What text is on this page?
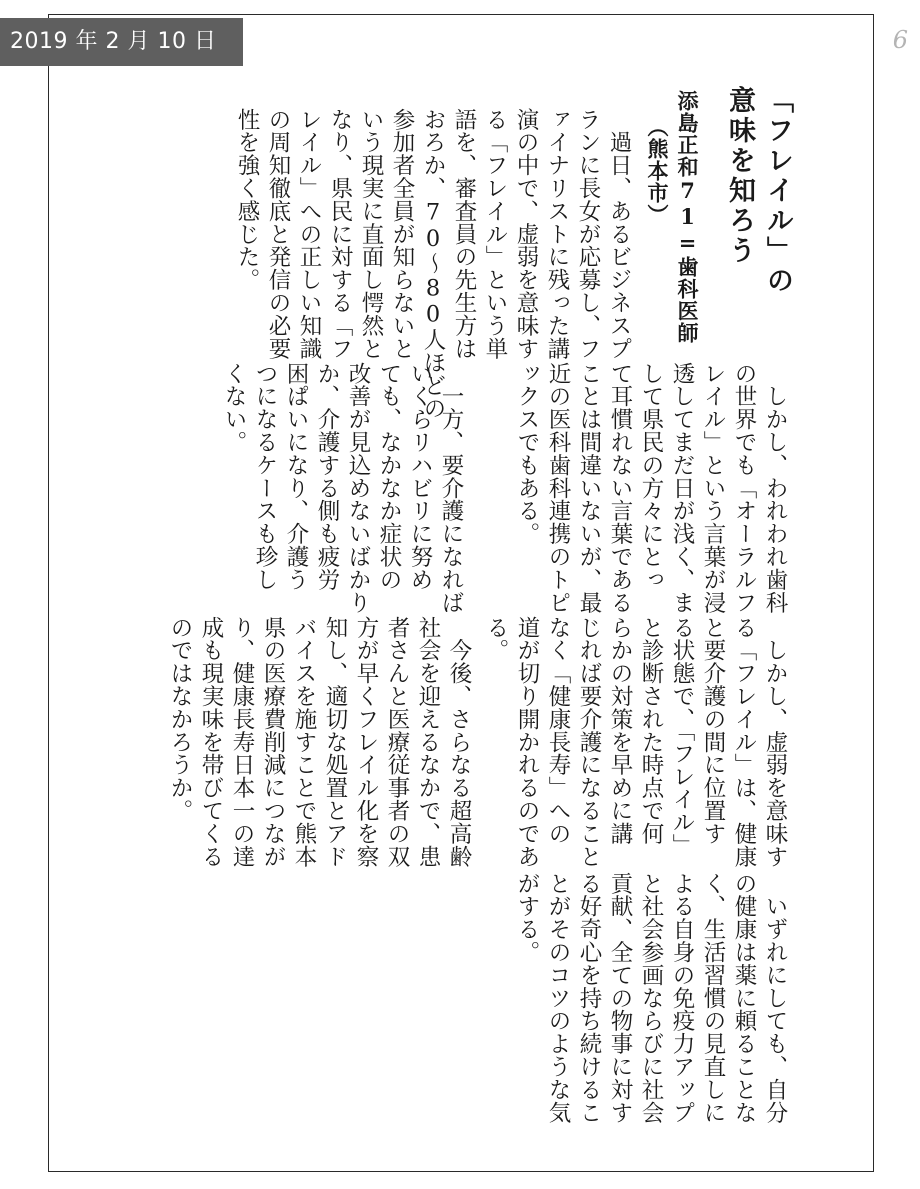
2019 年 2 月 10 日	6
「フレイル」の
意味を知ろう
添島正和71=歯科医師
（熊本市）
　過日、あるビジネスプ
ランに長女が応募し、フ
ァイナリストに残った講
演の中で、虚弱を意味す
る「フレイル」という単
語を、審査員の先生方は
おろか、70～80人ほどの
参加者全員が知らないと
いう現実に直面し愕然と
なり、県民に対する「フ
レイル」への正しい知識
の周知徹底と発信の必要
性を強く感じた。
　しかし、われわれ歯科
の世界でも「オーラルフ
レイル」という言葉が浸
透してまだ日が浅く、ま
して県民の方々にとっ
て耳慣れない言葉である
ことは間違いないが、最
近の医科歯科連携のトピ
ックスでもある。
　一方、要介護になれば
いくらリハビリに努め
ても、なかなか症状の
改善が見込めないばかり
か、介護する側も疲労
困ぱいになり、介護う
つになるケースも珍し
くない。
　しかし、虚弱を意味す
る「フレイル」は、健康
と要介護の間に位置す
る状態で、「フレイル」
と診断された時点で何
らかの対策を早めに講
じれば要介護になること
なく「健康長寿」への
道が切り開かれるのであ
る。
　今後、さらなる超高齢
社会を迎えるなかで、患
者さんと医療従事者の双
方が早くフレイル化を察
知し、適切な処置とアド
バイスを施すことで熊本
県の医療費削減につなが
り、健康長寿日本一の達
成も現実味を帯びてくる
のではなかろうか。
　いずれにしても、自分
の健康は薬に頼ることな
く、生活習慣の見直しに
よる自身の免疫力アップ
と社会参画ならびに社会
貢献、全ての物事に対す
る好奇心を持ち続けるこ
とがそのコツのような気
がする。
